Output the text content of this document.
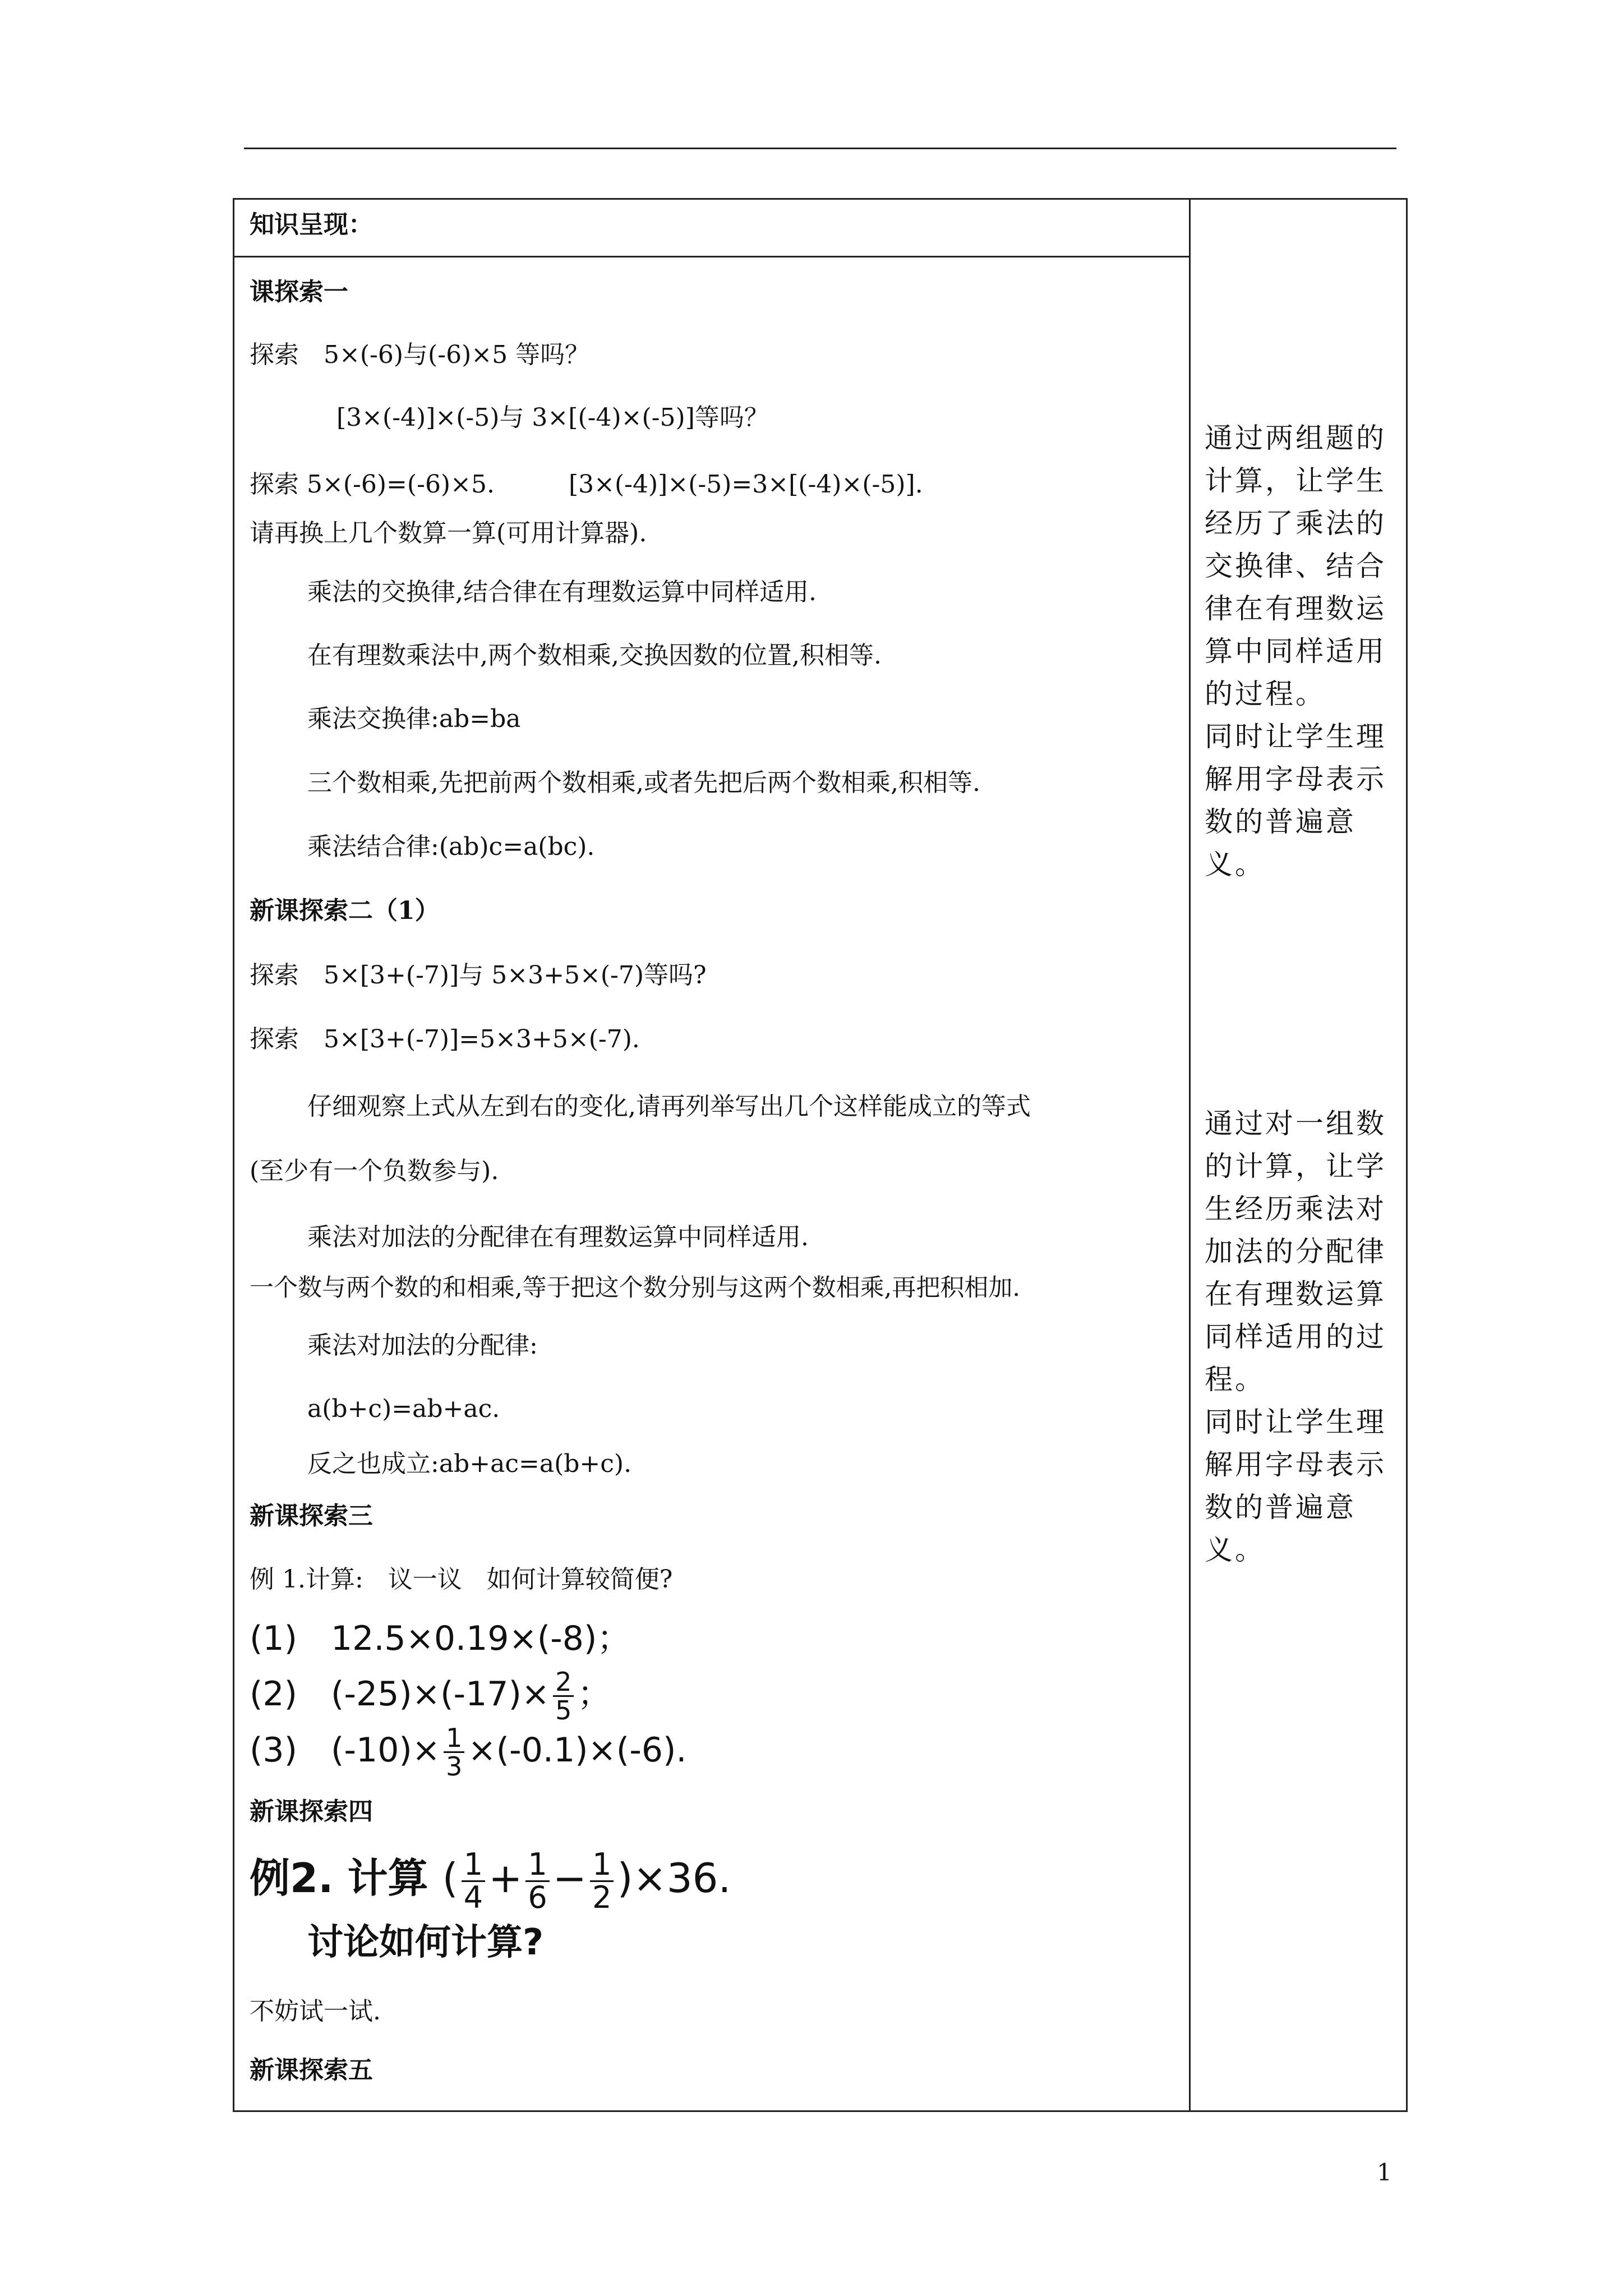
知识呈现：
课探索一
探索　5×(-6)与(-6)×5 等吗？
[3×(-4)]×(-5)与 3×[(-4)×(-5)]等吗？
探索 5×(-6)=(-6)×5.　　　[3×(-4)]×(-5)=3×[(-4)×(-5)].
请再换上几个数算一算(可用计算器).
乘法的交换律,结合律在有理数运算中同样适用.
在有理数乘法中,两个数相乘,交换因数的位置,积相等.
乘法交换律:ab=ba
三个数相乘,先把前两个数相乘,或者先把后两个数相乘,积相等.
乘法结合律:(ab)c=a(bc).
新课探索二（1）
探索　5×[3+(-7)]与 5×3+5×(-7)等吗?
探索　5×[3+(-7)]=5×3+5×(-7).
仔细观察上式从左到右的变化,请再列举写出几个这样能成立的等式
(至少有一个负数参与).
乘法对加法的分配律在有理数运算中同样适用.
一个数与两个数的和相乘,等于把这个数分别与这两个数相乘,再把积相加.
乘法对加法的分配律:
a(b+c)=ab+ac.
反之也成立:ab+ac=a(b+c).
新课探索三
例 1.计算:　议一议　如何计算较简便?
(1)　12.5×0.19×(-8)；
(2)　$(-25)\times(-17)\times \frac{2}{5}$ ；
(3)　$(-10)\times \frac{1}{3} \times(-0.1)\times(-6)$.
新课探索四
例2. 计算 ( $\frac{1}{4} + \frac{1}{6} - \frac{1}{2} )\times 36$.
讨论如何计算?
不妨试一试.
新课探索五

通过两组题的计算，让学生经历了乘法的交换律、结合律在有理数运算中同样适用的过程。

同时让学生理解用字母表示数的普遍意义。

通过对一组数的计算，让学生经历乘法对加法的分配律在有理数运算同样适用的过程。

同时让学生理解用字母表示数的普遍意义。

1
